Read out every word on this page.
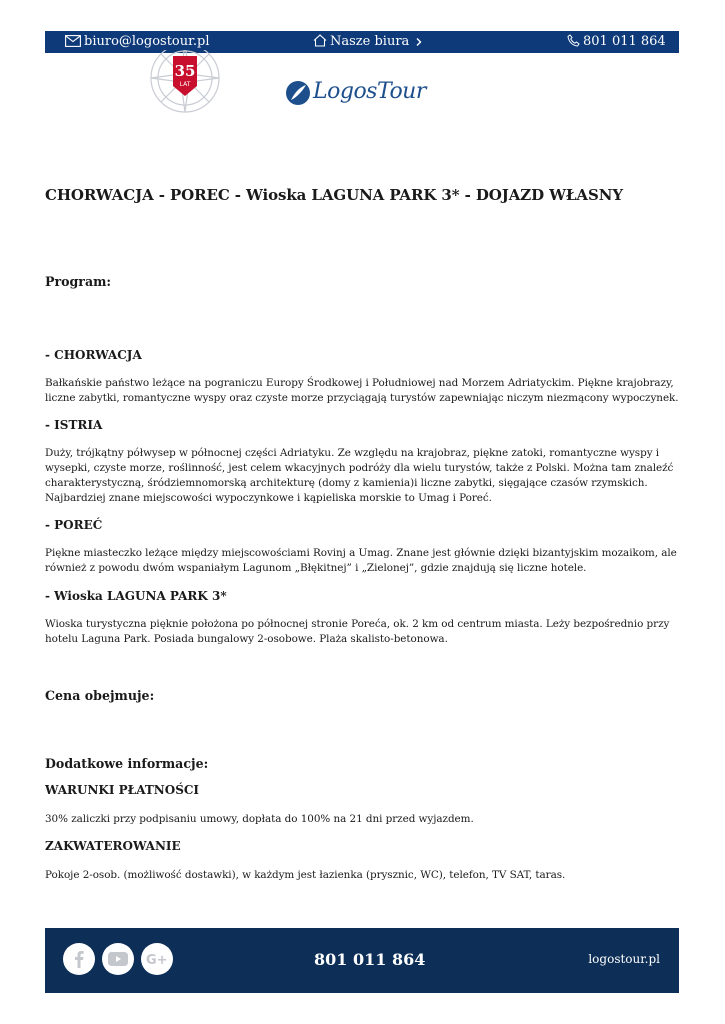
biuro@logostour.pl	Nasze biura	801 011 864
35
LAT	LogosTour
CHORWACJA - POREC - Wioska LAGUNA PARK 3* - DOJAZD WŁASNY
Program:
- CHORWACJA

Bałkańskie państwo leżące na pograniczu Europy Środkowej i Południowej nad Morzem Adriatyckim. Piękne krajobrazy, liczne zabytki, romantyczne wyspy oraz czyste morze przyciągają turystów zapewniając niczym niezmącony wypoczynek.

- ISTRIA

Duży, trójkątny półwysep w północnej części Adriatyku. Ze względu na krajobraz, piękne zatoki, romantyczne wyspy i wysepki, czyste morze, roślinność, jest celem wkacyjnych podróży dla wielu turystów, także z Polski. Można tam znaleźć charakterystyczną, śródziemnomorską architekturę (domy z kamienia)i liczne zabytki, sięgające czasów rzymskich. Najbardziej znane miejscowości wypoczynkowe i kąpieliska morskie to Umag i Poreć.

- POREĆ

Piękne miasteczko leżące między miejscowościami Rovinj a Umag. Znane jest głównie dzięki bizantyjskim mozaikom, ale również z powodu dwóm wspaniałym Lagunom „Błękitnej” i „Zielonej”, gdzie znajdują się liczne hotele.

- Wioska LAGUNA PARK 3*

Wioska turystyczna pięknie położona po północnej stronie Porećа, ok. 2 km od centrum miasta. Leży bezpośrednio przy hotelu Laguna Park. Posiada bungalowy 2-osobowe. Plaża skalisto-betonowa.

Cena obejmuje:
Dodatkowe informacje:
WARUNKI PŁATNOŚCI

30% zaliczki przy podpisaniu umowy, dopłata do 100% na 21 dni przed wyjazdem.

ZAKWATEROWANIE

Pokoje 2-osob. (możliwość dostawki), w każdym jest łazienka (prysznic, WC), telefon, TV SAT, taras.

G+	801 011 864	logostour.pl
